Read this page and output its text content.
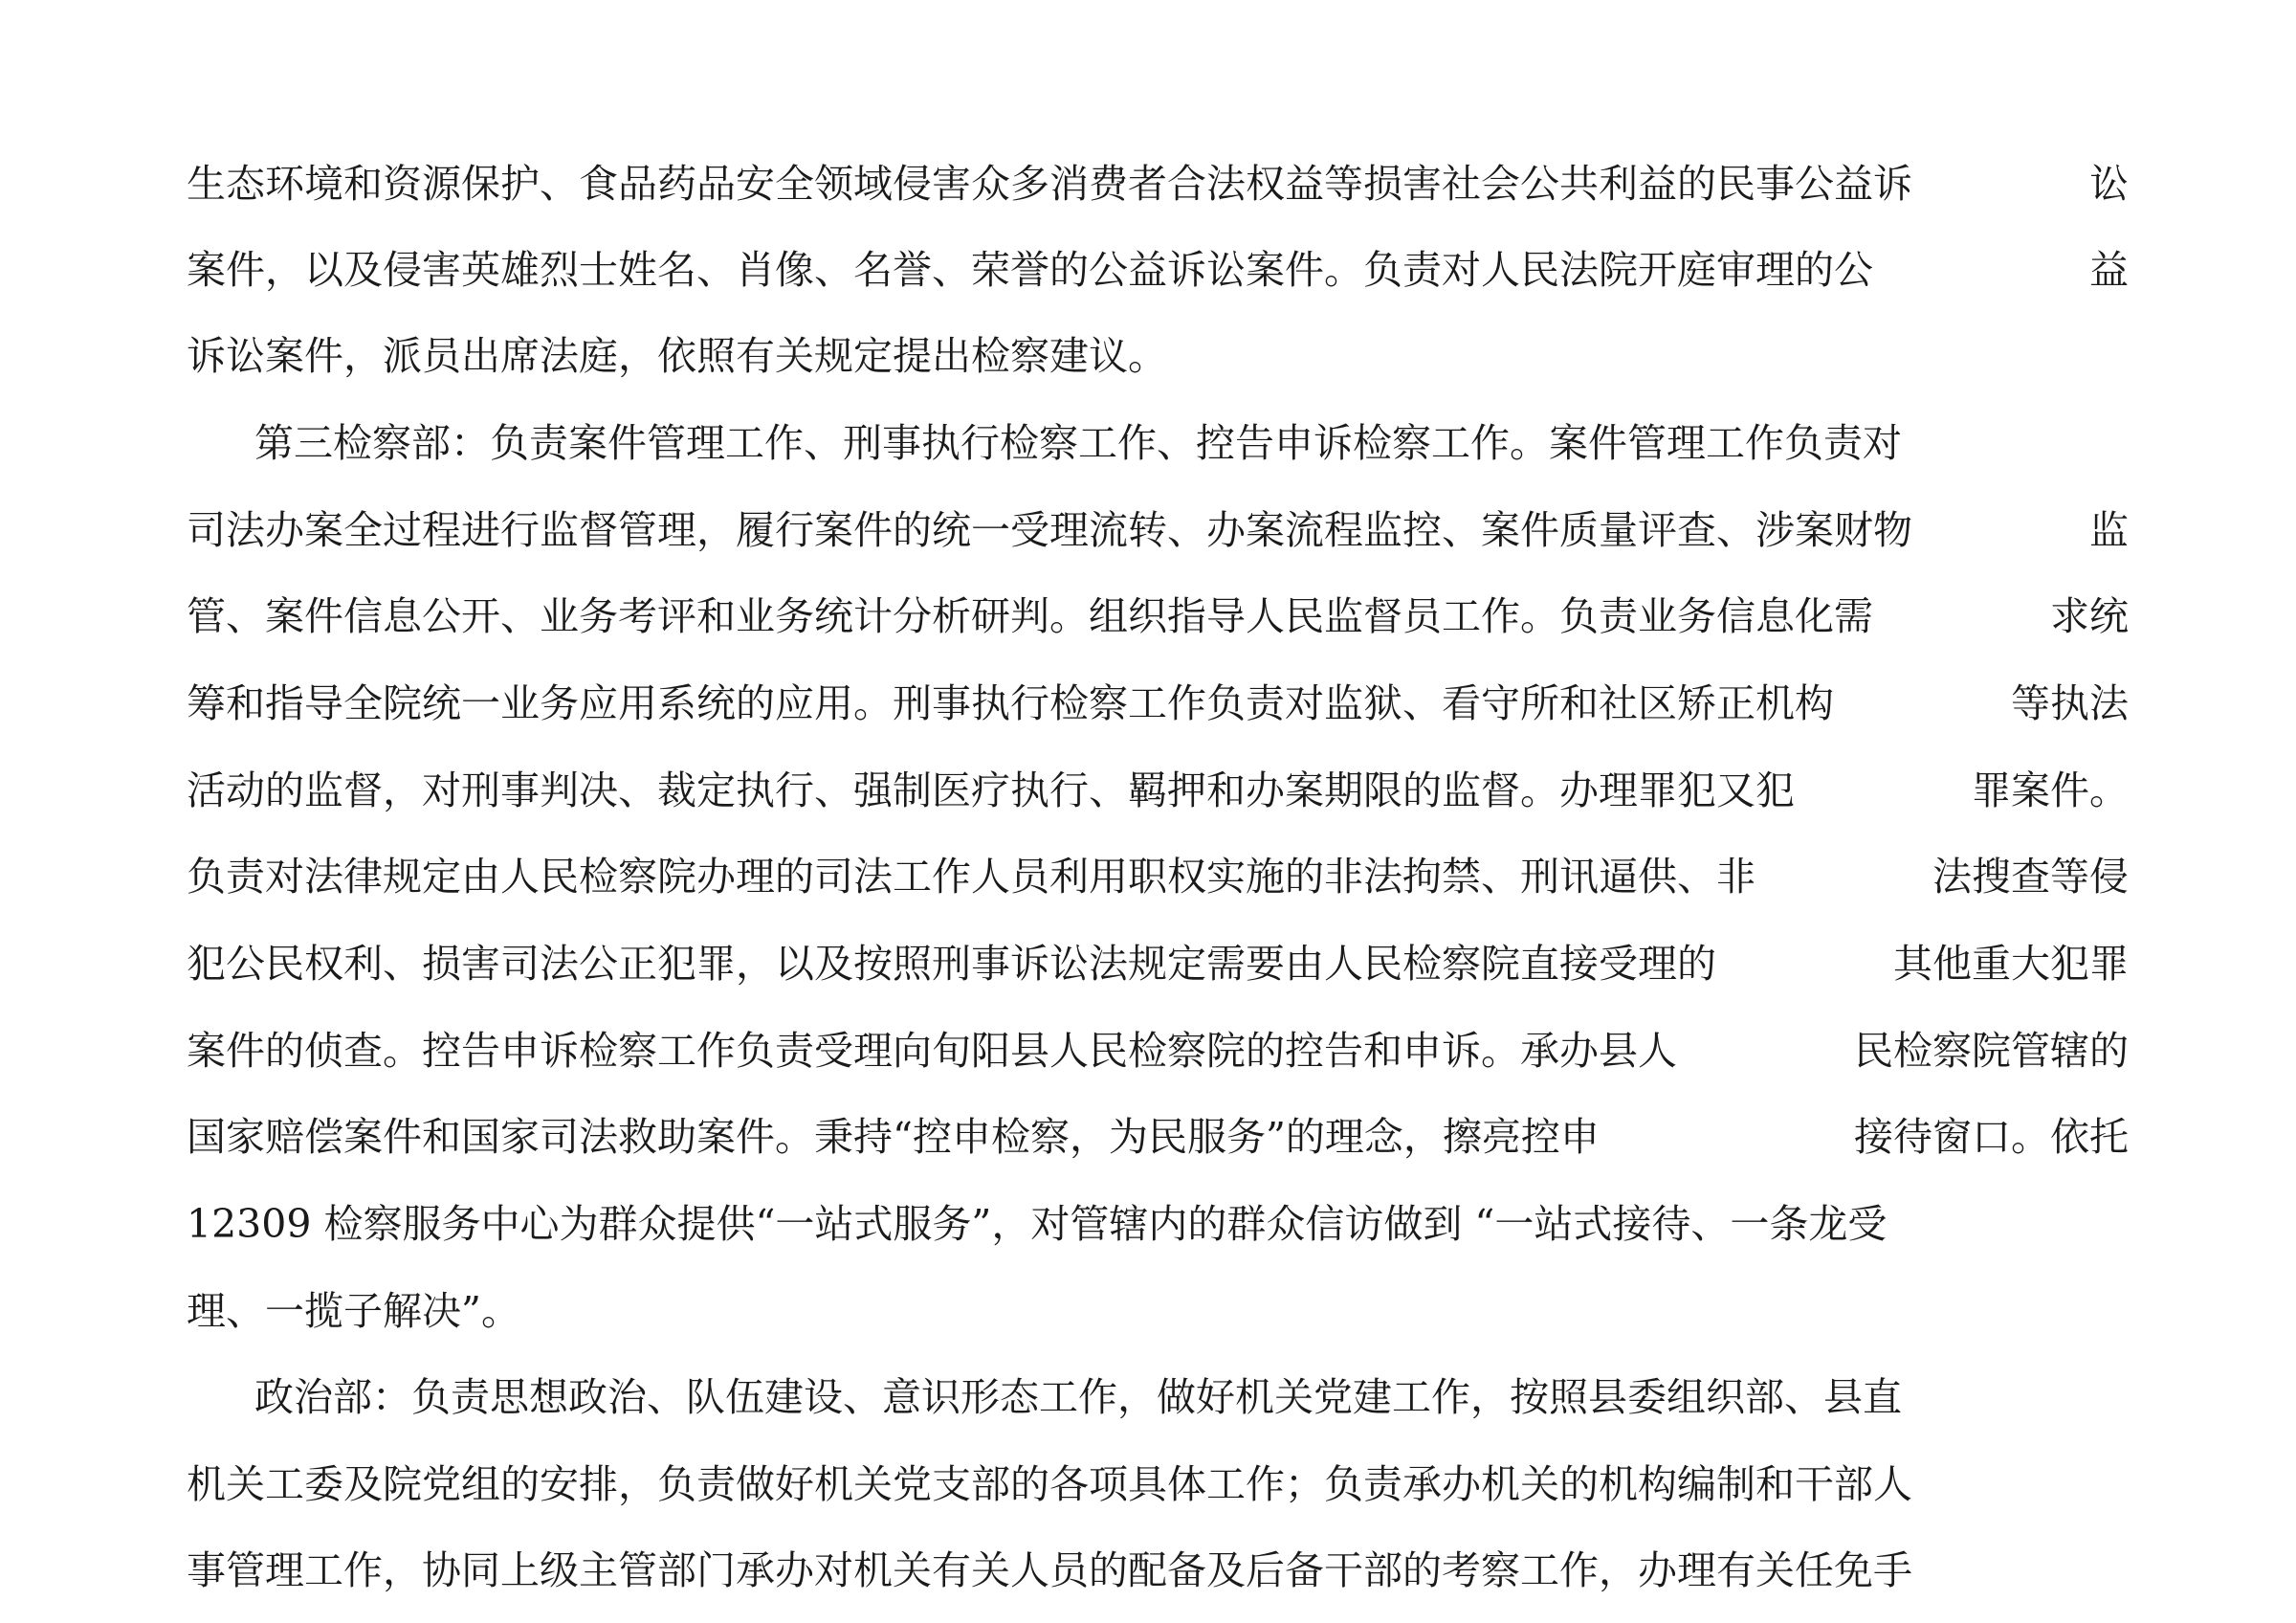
生态环境和资源保护、食品药品安全领域侵害众多消费者合法权益等损害社会公共利益的民事公益诉	讼
案件，以及侵害英雄烈士姓名、肖像、名誉、荣誉的公益诉讼案件。负责对人民法院开庭审理的公	益
诉讼案件，派员出席法庭，依照有关规定提出检察建议。
第三检察部：负责案件管理工作、刑事执行检察工作、控告申诉检察工作。案件管理工作负责对
司法办案全过程进行监督管理，履行案件的统一受理流转、办案流程监控、案件质量评查、涉案财物	监
管、案件信息公开、业务考评和业务统计分析研判。组织指导人民监督员工作。负责业务信息化需	求统
筹和指导全院统一业务应用系统的应用。刑事执行检察工作负责对监狱、看守所和社区矫正机构	等执法
活动的监督，对刑事判决、裁定执行、强制医疗执行、羁押和办案期限的监督。办理罪犯又犯	罪案件。
负责对法律规定由人民检察院办理的司法工作人员利用职权实施的非法拘禁、刑讯逼供、非	法搜查等侵
犯公民权利、损害司法公正犯罪，以及按照刑事诉讼法规定需要由人民检察院直接受理的	其他重大犯罪
案件的侦查。控告申诉检察工作负责受理向旬阳县人民检察院的控告和申诉。承办县人	民检察院管辖的
国家赔偿案件和国家司法救助案件。秉持“控申检察，为民服务”的理念，擦亮控申	接待窗口。依托
12309 检察服务中心为群众提供“一站式服务”，对管辖内的群众信访做到 “一站式接待、一条龙受
理、一揽子解决”。
政治部：负责思想政治、队伍建设、意识形态工作，做好机关党建工作，按照县委组织部、县直
机关工委及院党组的安排，负责做好机关党支部的各项具体工作；负责承办机关的机构编制和干部人
事管理工作，协同上级主管部门承办对机关有关人员的配备及后备干部的考察工作，办理有关任免手
